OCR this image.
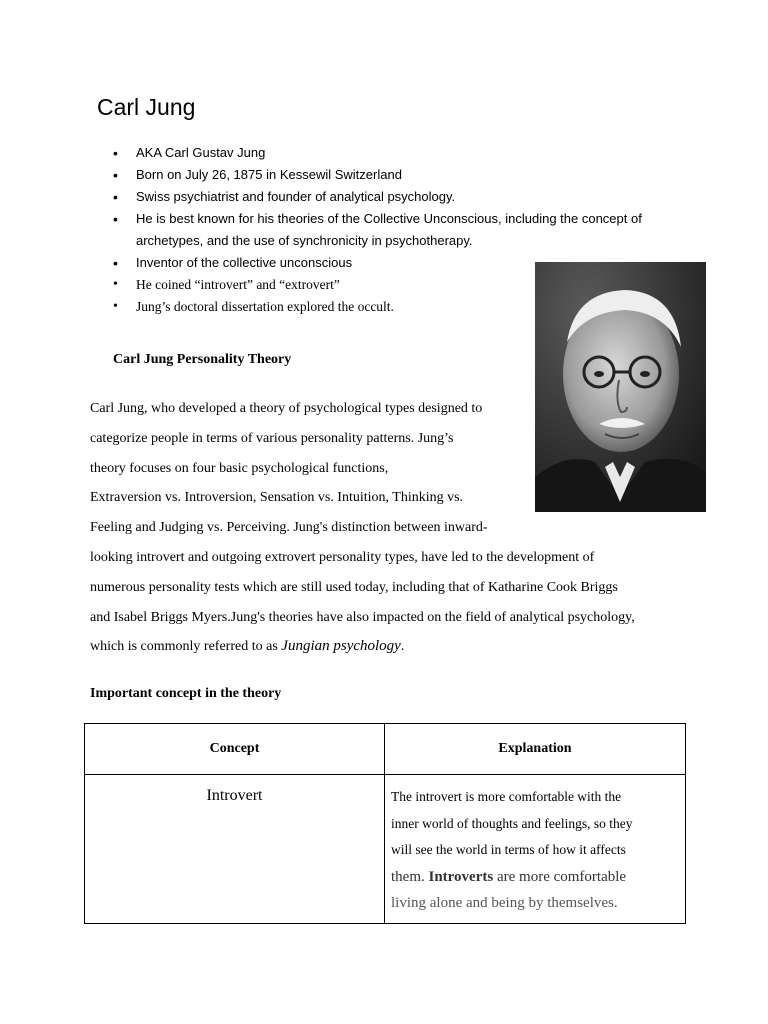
Carl Jung
• AKA Carl Gustav Jung
• Born on July 26, 1875 in Kessewil Switzerland
• Swiss psychiatrist and founder of analytical psychology.
• He is best known for his theories of the Collective Unconscious, including the concept of
archetypes, and the use of synchronicity in psychotherapy.
• Inventor of the collective unconscious
• He coined “introvert” and “extrovert”
• Jung’s doctoral dissertation explored the occult.
Carl Jung Personality Theory

Carl Jung, who developed a theory of psychological types designed to
categorize people in terms of various personality patterns. Jung’s
theory focuses on four basic psychological functions,
Extraversion vs. Introversion, Sensation vs. Intuition, Thinking vs.
Feeling and Judging vs. Perceiving. Jung's distinction between inward-
looking introvert and outgoing extrovert personality types, have led to the development of
numerous personality tests which are still used today, including that of Katharine Cook Briggs
and Isabel Briggs Myers.Jung's theories have also impacted on the field of analytical psychology,
which is commonly referred to as Jungian psychology.

Important concept in the theory
Concept	Explanation
Introvert	The introvert is more comfortable with the
inner world of thoughts and feelings, so they
will see the world in terms of how it affects
them. Introverts are more comfortable
living alone and being by themselves.
